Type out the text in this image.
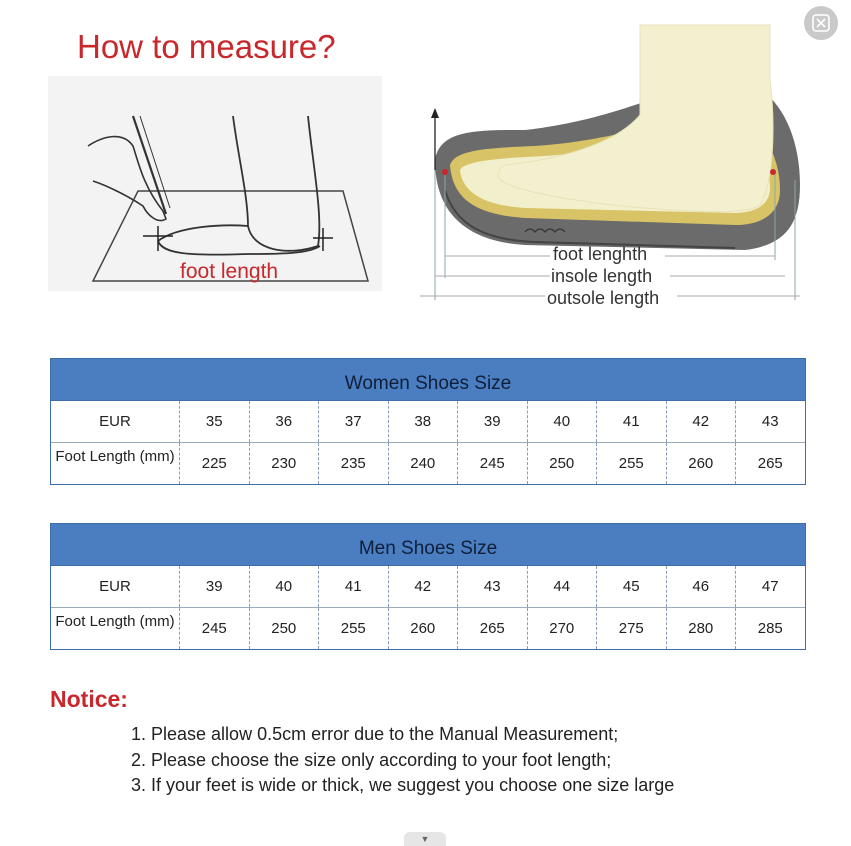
How to measure?
foot length
foot lenghth
insole length
outsole length
Women Shoes Size
EUR	35	36	37	38	39	40	41	42	43
Foot Length (mm)	225	230	235	240	245	250	255	260	265
Men Shoes Size
EUR	39	40	41	42	43	44	45	46	47
Foot Length (mm)	245	250	255	260	265	270	275	280	285
Notice:
1. Please allow 0.5cm error due to the Manual Measurement;
2. Please choose the size only according to your foot length;
3. If your feet is wide or thick, we suggest you choose one size large
▼
